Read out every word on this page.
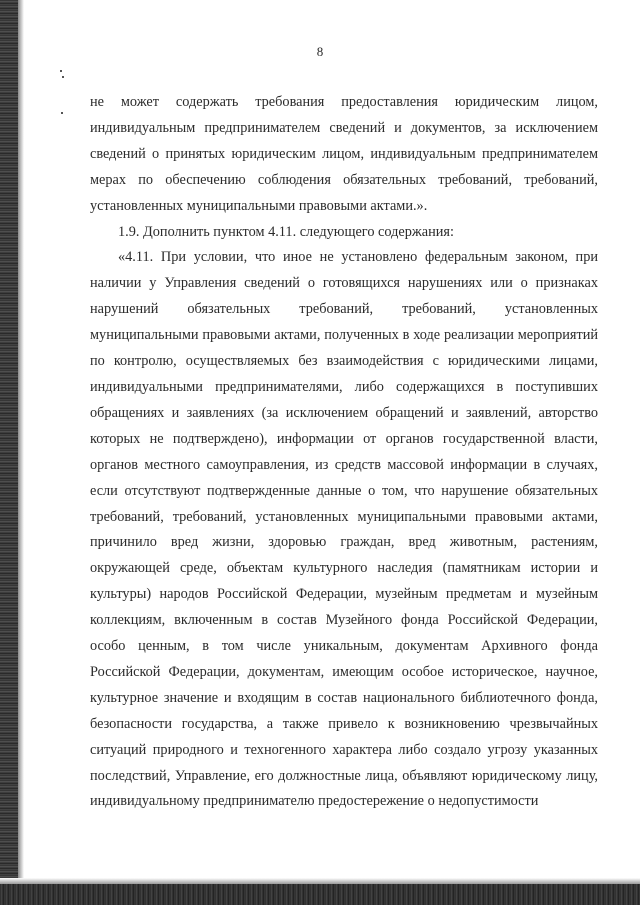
8

не может содержать требования предоставления юридическим лицом, индивидуальным предпринимателем сведений и документов, за исключением сведений о принятых юридическим лицом, индивидуальным предпринимателем мерах по обеспечению соблюдения обязательных требований, требований, установленных муниципальными правовыми актами.».

1.9. Дополнить пунктом 4.11. следующего содержания:

«4.11. При условии, что иное не установлено федеральным законом, при наличии у Управления сведений о готовящихся нарушениях или о признаках нарушений обязательных требований, требований, установленных муниципальными правовыми актами, полученных в ходе реализации мероприятий по контролю, осуществляемых без взаимодействия с юридическими лицами, индивидуальными предпринимателями, либо содержащихся в поступивших обращениях и заявлениях (за исключением обращений и заявлений, авторство которых не подтверждено), информации от органов государственной власти, органов местного самоуправления, из средств массовой информации в случаях, если отсутствуют подтвержденные данные о том, что нарушение обязательных требований, требований, установленных муниципальными правовыми актами, причинило вред жизни, здоровью граждан, вред животным, растениям, окружающей среде, объектам культурного наследия (памятникам истории и культуры) народов Российской Федерации, музейным предметам и музейным коллекциям, включенным в состав Музейного фонда Российской Федерации, особо ценным, в том числе уникальным, документам Архивного фонда Российской Федерации, документам, имеющим особое историческое, научное, культурное значение и входящим в состав национального библиотечного фонда, безопасности государства, а также привело к возникновению чрезвычайных ситуаций природного и техногенного характера либо создало угрозу указанных последствий, Управление, его должностные лица, объявляют юридическому лицу, индивидуальному предпринимателю предостережение о недопустимости
